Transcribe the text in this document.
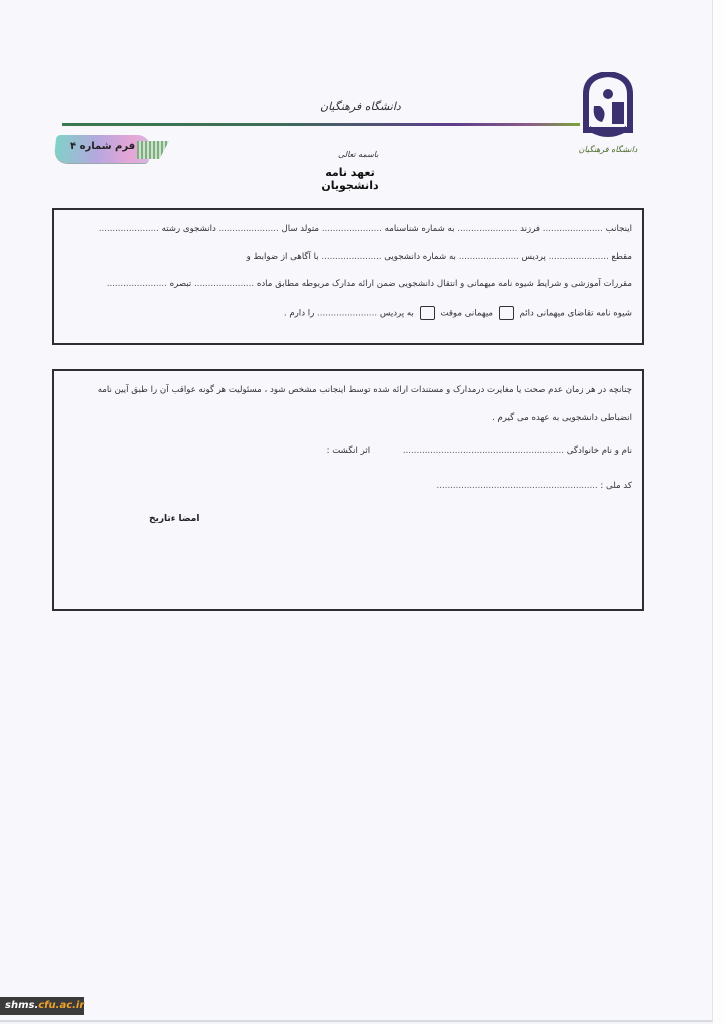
دانشگاه فرهنگیان
دانشگاه فرهنگیان
فرم شماره ۴
باسمه تعالی
تعهد نامه دانشجویان
اینجانب ...................... فرزند ...................... به شماره شناسنامه ...................... متولد سال ...................... دانشجوی رشته ......................
مقطع ...................... پردیس ...................... به شماره دانشجویی ...................... با آگاهی از ضوابط و
مقررات آموزشی و شرایط شیوه نامه میهمانی و انتقال دانشجویی ضمن ارائه مدارک مربوطه مطابق ماده ...................... تبصره ......................
شیوه نامه تقاضای میهمانی دائم  میهمانی موقت  به پردیس ...................... را دارم .
چنانچه در هر زمان عدم صحت یا مغایرت درمدارک و مستندات ارائه شده توسط اینجانب مشخص شود ، مسئولیت هر گونه عواقب آن را طبق آیین نامه
انضباطی دانشجویی به عهده می گیرم .
نام و نام خانوادگی ........................................................... اثر انگشت :
کد ملی : ...........................................................
امضا ءتاریخ
shms.cfu.ac.ir
